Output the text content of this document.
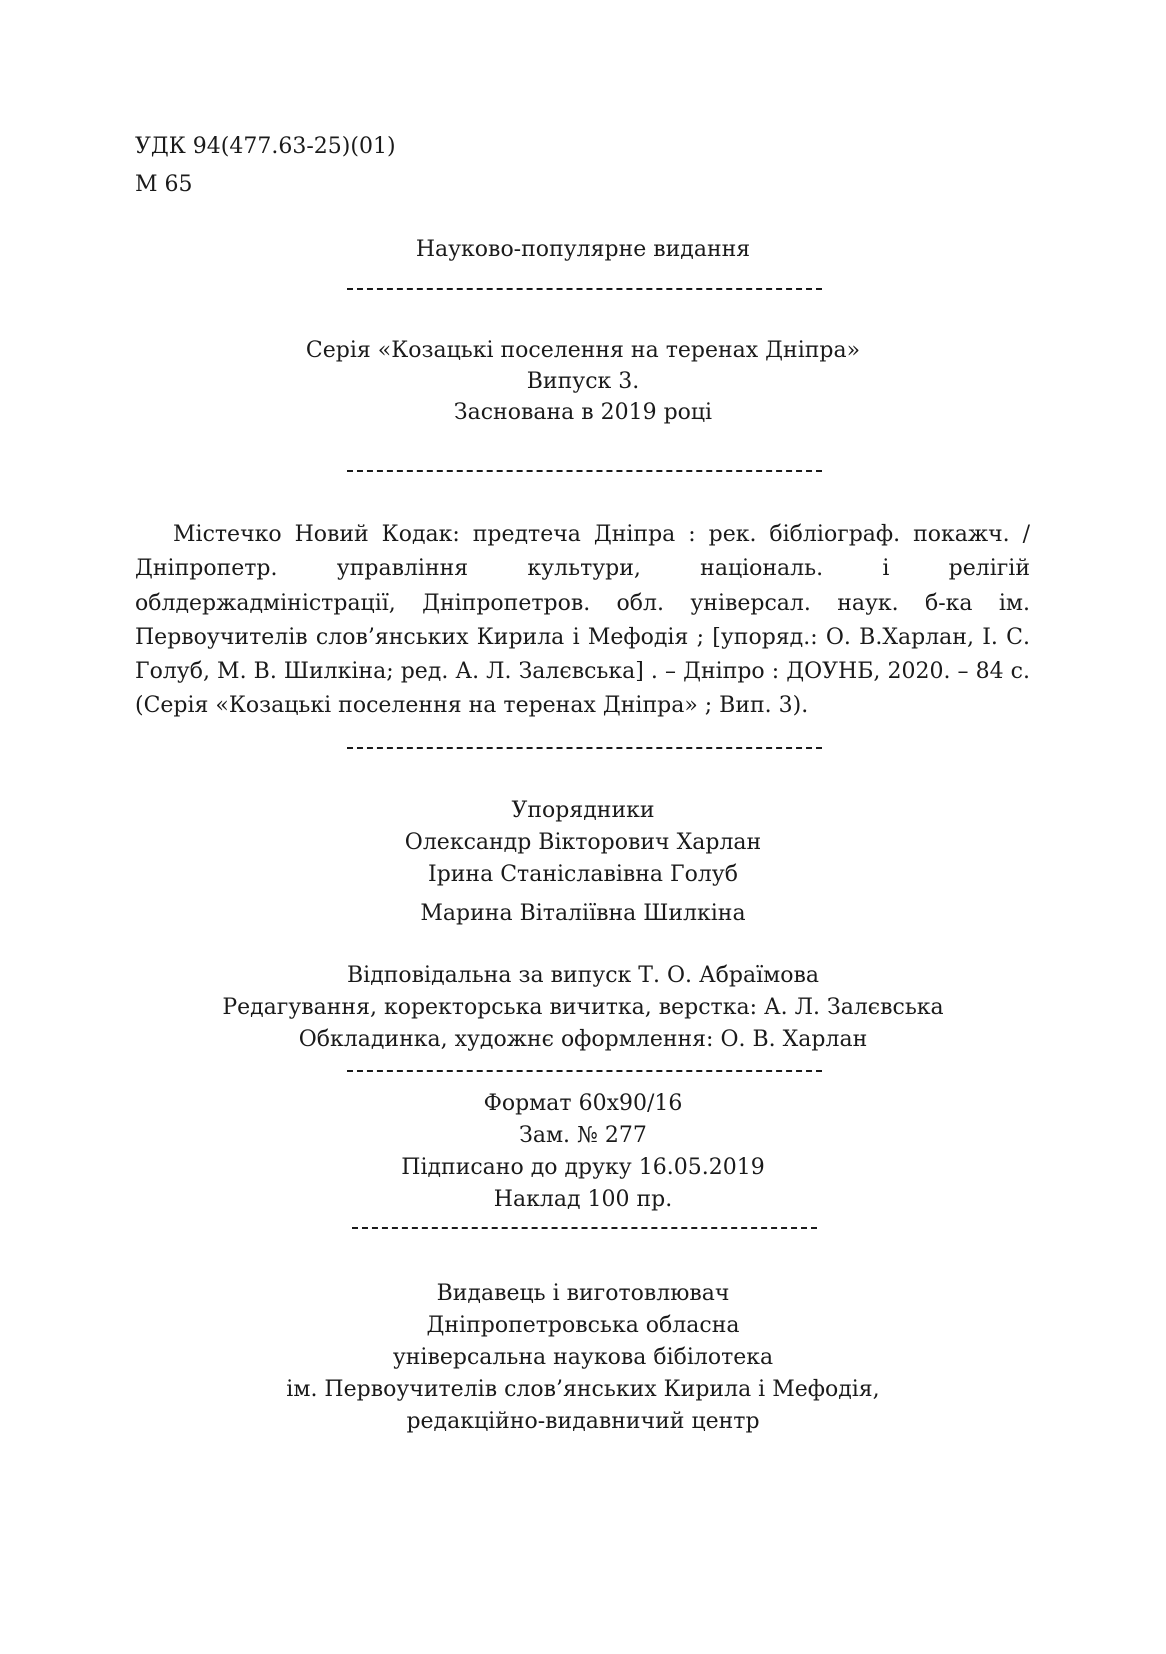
УДК 94(477.63-25)(01)
М 65
Науково-популярне видання
Серія «Козацькі поселення на теренах Дніпра»
Випуск 3.
Заснована в 2019 році
Містечко Новий Кодак: предтеча Дніпра : рек. бібліограф. покажч. / Дніпропетр. управління культури, національ. і релігій облдержадміністрації, Дніпропетров. обл. універсал. наук. б-ка ім. Первоучителів слов’янських Кирила і Мефодія ; [упоряд.: О. В.Харлан, І. С. Голуб, М. В. Шилкіна; ред. А. Л. Залєвська] . – Дніпро : ДОУНБ, 2020. – 84 с. (Серія «Козацькі поселення на теренах Дніпра» ; Вип. 3).
Упорядники
Олександр Вікторович Харлан
Ірина Станіславівна Голуб
Марина Віталіївна Шилкіна
Відповідальна за випуск Т. О. Абраїмова
Редагування, коректорська вичитка, верстка: А. Л. Залєвська
Обкладинка, художнє оформлення: О. В. Харлан
Формат 60х90/16
Зам. № 277
Підписано до друку 16.05.2019
Наклад 100 пр.
Видавець і виготовлювач
Дніпропетровська обласна
універсальна наукова бібілотека
ім. Первоучителів слов’янських Кирила і Мефодія,
редакційно-видавничий центр
